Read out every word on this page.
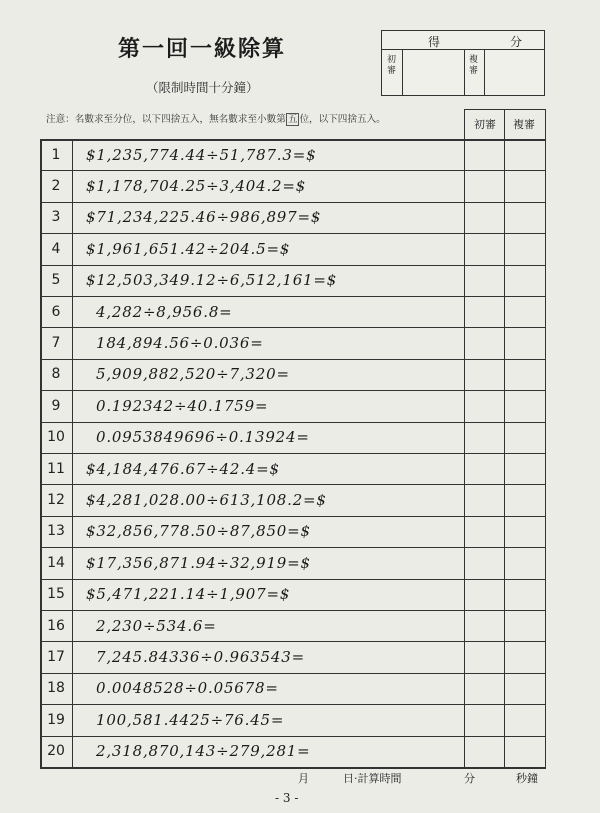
第一回一級除算
（限制時間十分鐘）
得	分
初
審
複
審
注意：名數求至分位，以下四捨五入，無名數求至小數第 五 位，以下四捨五入。	初審 複審
1	$1,235,774.44÷51,787.3=$
2	$1,178,704.25÷3,404.2=$
3	$71,234,225.46÷986,897=$
4	$1,961,651.42÷204.5=$
5	$12,503,349.12÷6,512,161=$
6	4,282÷8,956.8=
7	184,894.56÷0.036=
8	5,909,882,520÷7,320=
9	0.192342÷40.1759=
10	0.0953849696÷0.13924=
11	$4,184,476.67÷42.4=$
12	$4,281,028.00÷613,108.2=$
13	$32,856,778.50÷87,850=$
14	$17,356,871.94÷32,919=$
15	$5,471,221.14÷1,907=$
16	2,230÷534.6=
17	7,245.84336÷0.963543=
18	0.0048528÷0.05678=
19	100,581.4425÷76.45=
20	2,318,870,143÷279,281=
月	日‧計算時間	分	秒鐘
- 3 -
